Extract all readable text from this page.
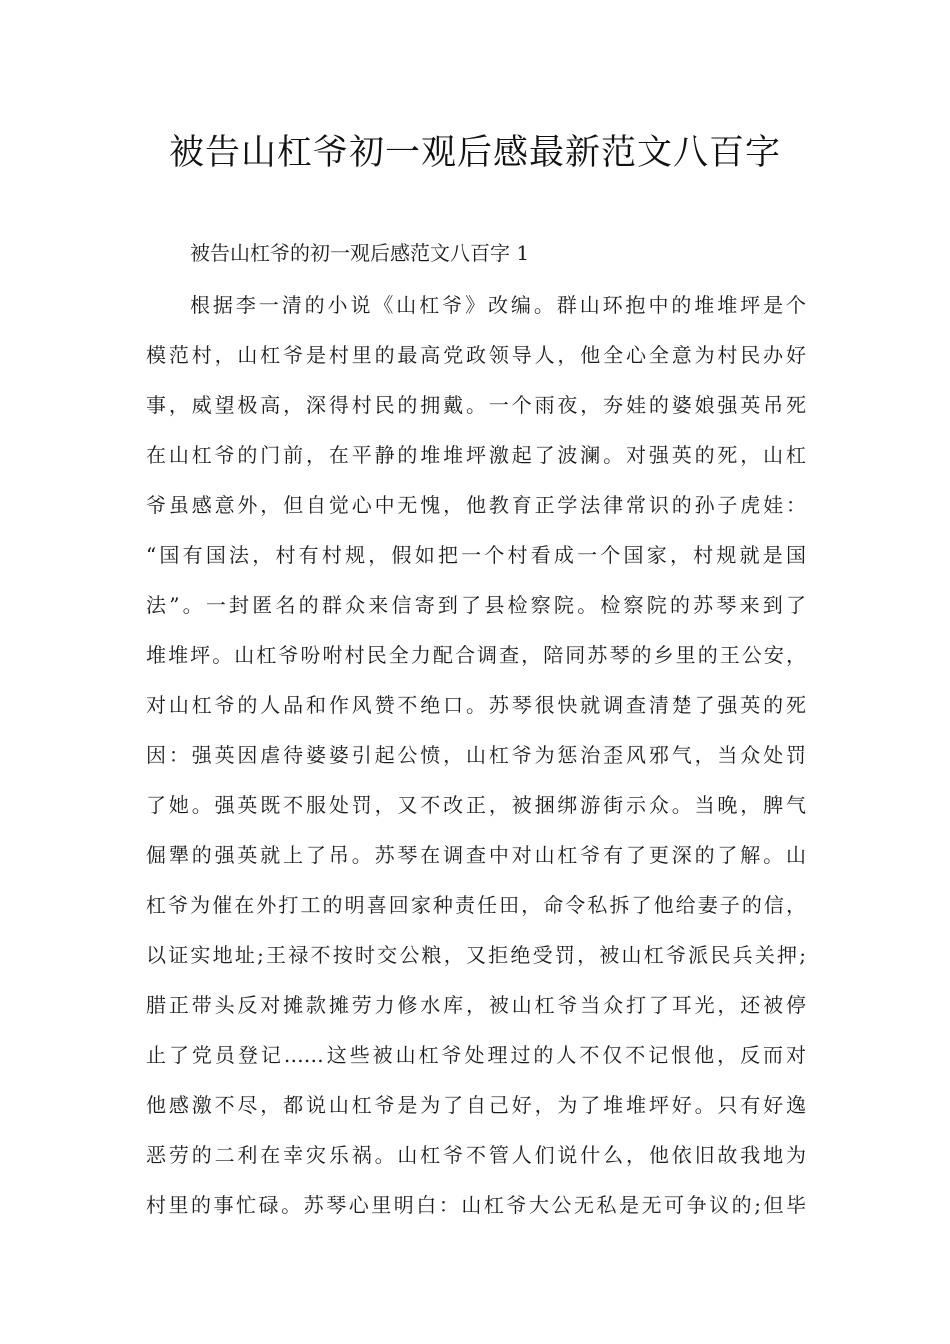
被告山杠爷初一观后感最新范文八百字

被告山杠爷的初一观后感范文八百字 1

根据李一清的小说《山杠爷》改编。群山环抱中的堆堆坪是个
模范村，山杠爷是村里的最高党政领导人，他全心全意为村民办好
事，威望极高，深得村民的拥戴。一个雨夜，夯娃的婆娘强英吊死
在山杠爷的门前，在平静的堆堆坪激起了波澜。对强英的死，山杠
爷虽感意外，但自觉心中无愧，他教育正学法律常识的孙子虎娃：
“国有国法，村有村规，假如把一个村看成一个国家，村规就是国
法”。一封匿名的群众来信寄到了县检察院。检察院的苏琴来到了
堆堆坪。山杠爷吩咐村民全力配合调查，陪同苏琴的乡里的王公安，
对山杠爷的人品和作风赞不绝口。苏琴很快就调查清楚了强英的死
因：强英因虐待婆婆引起公愤，山杠爷为惩治歪风邪气，当众处罚
了她。强英既不服处罚，又不改正，被捆绑游街示众。当晚，脾气
倔犟的强英就上了吊。苏琴在调查中对山杠爷有了更深的了解。山
杠爷为催在外打工的明喜回家种责任田，命令私拆了他给妻子的信，
以证实地址;王禄不按时交公粮，又拒绝受罚，被山杠爷派民兵关押;
腊正带头反对摊款摊劳力修水库，被山杠爷当众打了耳光，还被停
止了党员登记……这些被山杠爷处理过的人不仅不记恨他，反而对
他感激不尽，都说山杠爷是为了自己好，为了堆堆坪好。只有好逸
恶劳的二利在幸灾乐祸。山杠爷不管人们说什么，他依旧故我地为
村里的事忙碌。苏琴心里明白：山杠爷大公无私是无可争议的;但毕
